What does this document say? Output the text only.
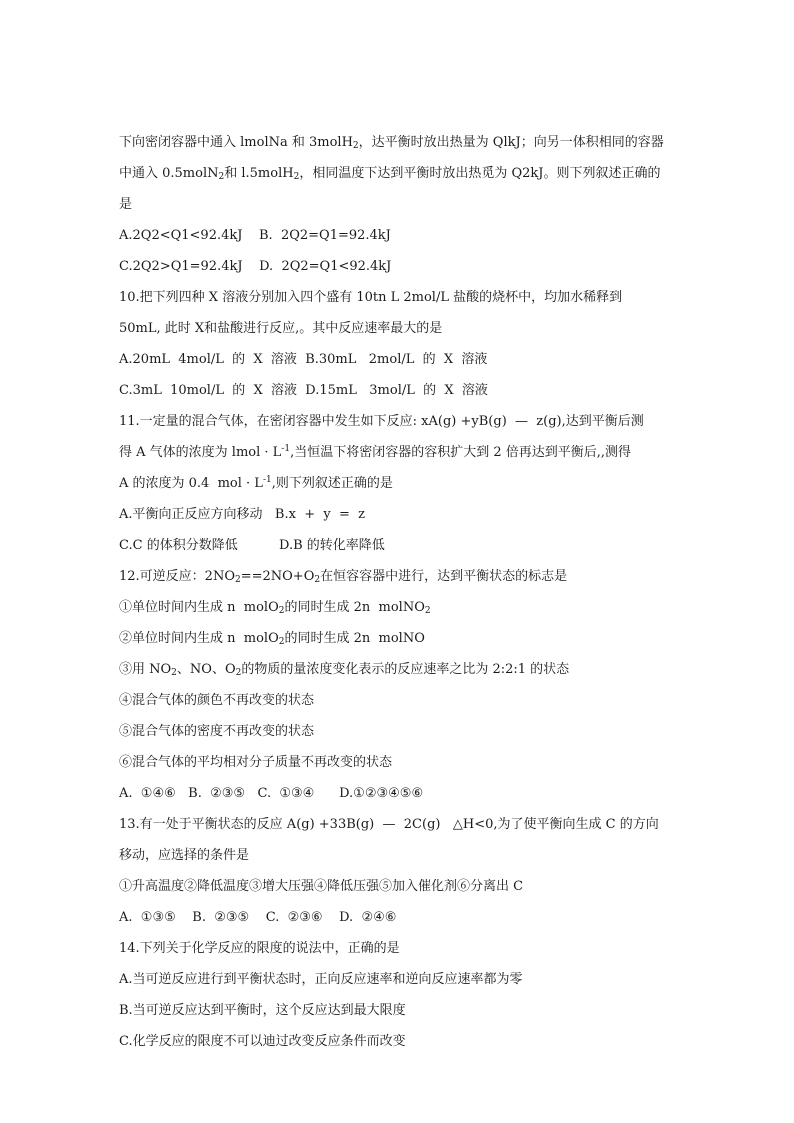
下向密闭容器中通入 lmolNa 和 3molH$_2$，达平衡时放出热量为 QlkJ；向另一体积相同的容器
中通入 0.5molN$_2$和 l.5molH$_2$，相同温度下达到平衡时放出热觅为 Q2kJ。则下列叙述正确的
是
A.2Q2<Q1<92.4kJ    B.  2Q2=Q1=92.4kJ
C.2Q2>Q1=92.4kJ    D.  2Q2=Q1<92.4kJ
10.把下列四种 X 溶液分别加入四个盛有 10tn L 2mol/L 盐酸的烧杯中，均加水稀释到
50mL, 此时 X和盐酸进行反应,。其中反应速率最大的是
A.20mL  4mol/L  的  X  溶液  B.30mL   2mol/L  的  X  溶液
C.3mL  10mol/L  的  X  溶液  D.15mL   3mol/L  的  X  溶液
11.一定量的混合气体，在密闭容器中发生如下反应: xA(g) +yB(g)  —  z(g),达到平衡后测
得 A 气体的浓度为 lmol · $L^{-1}$,当恒温下将密闭容器的容积扩大到 2 倍再达到平衡后,,测得
A 的浓度为 0.4  mol · $L^{-1}$,则下列叙述正确的是
A.平衡向正反应方向移动   B.x  +  y  =  z
C.C 的体积分数降低          D.B 的转化率降低
12.可逆反应：$2NO_2==2NO+O_2$在恒容容器中进行，达到平衡状态的标志是
①单位时间内生成 n  molO$_2$的同时生成 2n  molNO$_2$
②单位时间内生成 n  molO$_2$的同时生成 2n  molNO
③用 $NO_2$、NO、$O_2$的物质的量浓度变化表示的反应速率之比为 2:2:1 的状态
④混合气体的颜色不再改变的状态
⑤混合气体的密度不再改变的状态
⑥混合气体的平均相对分子质量不再改变的状态
A.  ①④⑥   B.  ②③⑤   C.  ①③④      D.①②③④⑤⑥
13.有一处于平衡状态的反应 A(g) +33B(g)  —  2C(g)   △H<0,为了使平衡向生成 C 的方向
移动，应选择的条件是
①升高温度②降低温度③增大压强④降低压强⑤加入催化剂⑥分离出 C
A.  ①③⑤    B.  ②③⑤    C.  ②③⑥    D.  ②④⑥
14.下列关于化学反应的限度的说法中，正确的是
A.当可逆反应进行到平衡状态时，正向反应速率和逆向反应速率都为零
B.当可逆反应达到平衡时，这个反应达到最大限度
C.化学反应的限度不可以迪过改变反应条件而改变
